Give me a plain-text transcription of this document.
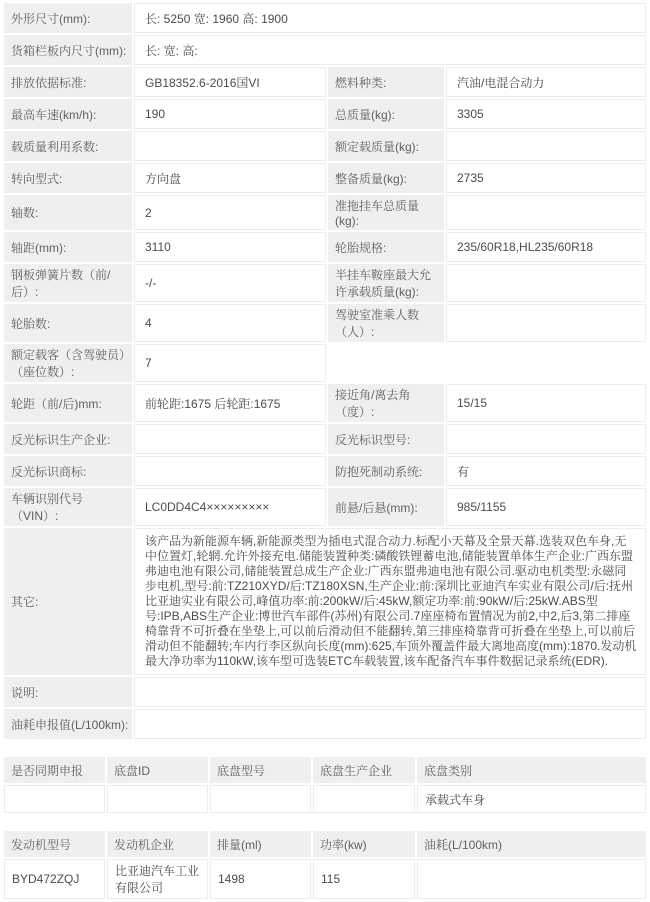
外形尺寸(mm):	长: 5250 宽: 1960 高: 1900		
货箱栏板内尺寸(mm):	长: 宽: 高:		
排放依据标准:	GB18352.6-2016国VI	燃料种类:	汽油/电混合动力
最高车速(km/h):	190	总质量(kg):	3305
载质量利用系数:		额定载质量(kg):	
转向型式:	方向盘	整备质量(kg):	2735
轴数:	2	准拖挂车总质量(kg):	
轴距(mm):	3110	轮胎规格:	235/60R18,HL235/60R18
钢板弹簧片数（前/后）:	-/-	半挂车鞍座最大允许承载质量(kg):	
轮胎数:	4	驾驶室准乘人数（人）:	
额定载客（含驾驶员）（座位数）:	7		
轮距（前/后)mm:	前轮距:1675 后轮距:1675	接近角/离去角（度）:	15/15
反光标识生产企业:		反光标识型号:	
反光标识商标:		防抱死制动系统:	有
车辆识别代号（VIN）:	LC0DD4C4×××××××××	前悬/后悬(mm):	985/1155
其它:	该产品为新能源车辆,新能源类型为插电式混合动力.标配小天幕及全景天幕.选装双色车身,无中位置灯,轮辋.允许外接充电.储能装置种类:磷酸铁锂蓄电池,储能装置单体生产企业:广西东盟弗迪电池有限公司,储能装置总成生产企业:广西东盟弗迪电池有限公司.驱动电机类型:永磁同步电机,型号:前:TZ210XYD/后:TZ180XSN,生产企业:前:深圳比亚迪汽车实业有限公司/后:抚州比亚迪实业有限公司,峰值功率:前:200kW/后:45kW,额定功率:前:90kW/后:25kW.ABS型号:IPB,ABS生产企业:博世汽车部件(苏州)有限公司.7座座椅布置情况为前2,中2,后3,第二排座椅靠背不可折叠在坐垫上,可以前后滑动但不能翻转,第三排座椅靠背可折叠在坐垫上,可以前后滑动但不能翻转;车内行李区纵向长度(mm):625,车顶外覆盖件最大离地高度(mm):1870.发动机最大净功率为110kW,该车型可选装ETC车载装置,该车配备汽车事件数据记录系统(EDR).		
说明:			
油耗申报值(L/100km):			
是否同期申报	底盘ID	底盘型号	底盘生产企业	底盘类别
				承载式车身
发动机型号	发动机企业	排量(ml)	功率(kw)	油耗(L/100km)
BYD472ZQJ	比亚迪汽车工业有限公司	1498	115	
